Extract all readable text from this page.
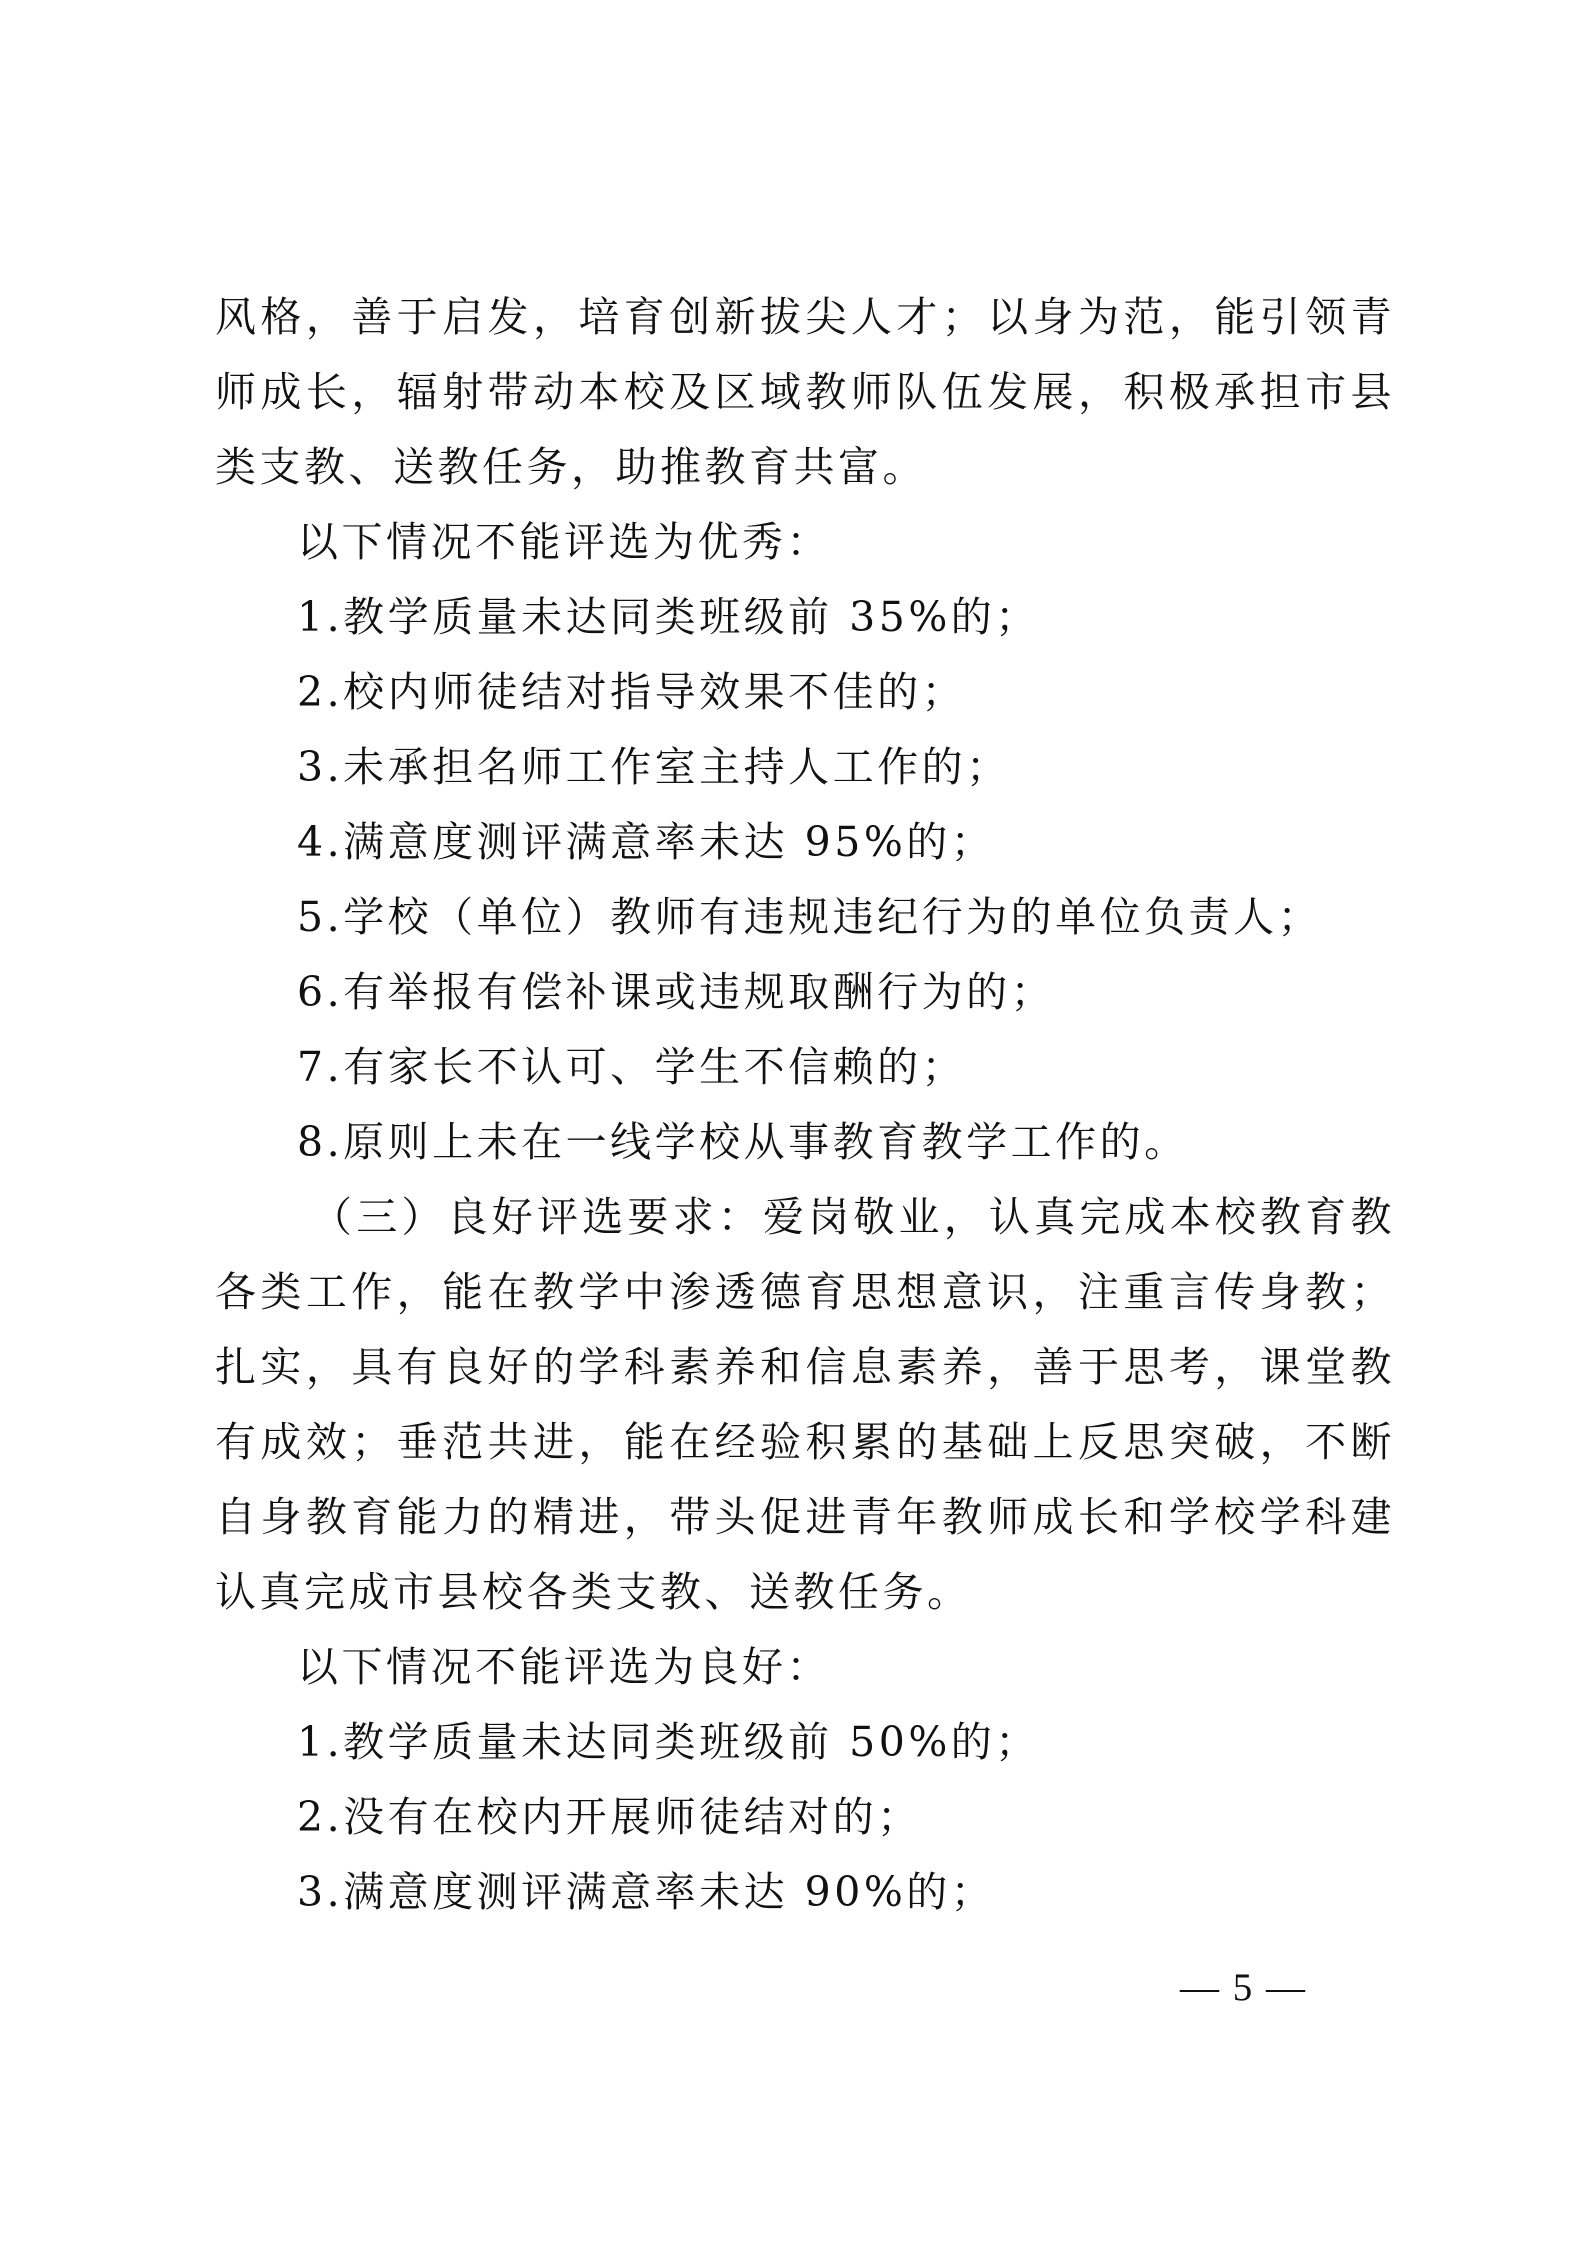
风格，善于启发，培育创新拔尖人才；以身为范，能引领青
师成长，辐射带动本校及区域教师队伍发展，积极承担市县
类支教、送教任务，助推教育共富。
以下情况不能评选为优秀：
1.教学质量未达同类班级前 35%的；
2.校内师徒结对指导效果不佳的；
3.未承担名师工作室主持人工作的；
4.满意度测评满意率未达 95%的；
5.学校（单位）教师有违规违纪行为的单位负责人；
6.有举报有偿补课或违规取酬行为的；
7.有家长不认可、学生不信赖的；
8.原则上未在一线学校从事教育教学工作的。
（三）良好评选要求：爱岗敬业，认真完成本校教育教
各类工作，能在教学中渗透德育思想意识，注重言传身教；
扎实，具有良好的学科素养和信息素养，善于思考，课堂教
有成效；垂范共进，能在经验积累的基础上反思突破，不断
自身教育能力的精进，带头促进青年教师成长和学校学科建
认真完成市县校各类支教、送教任务。
以下情况不能评选为良好：
1.教学质量未达同类班级前 50%的；
2.没有在校内开展师徒结对的；
3.满意度测评满意率未达 90%的；
— 5 —
